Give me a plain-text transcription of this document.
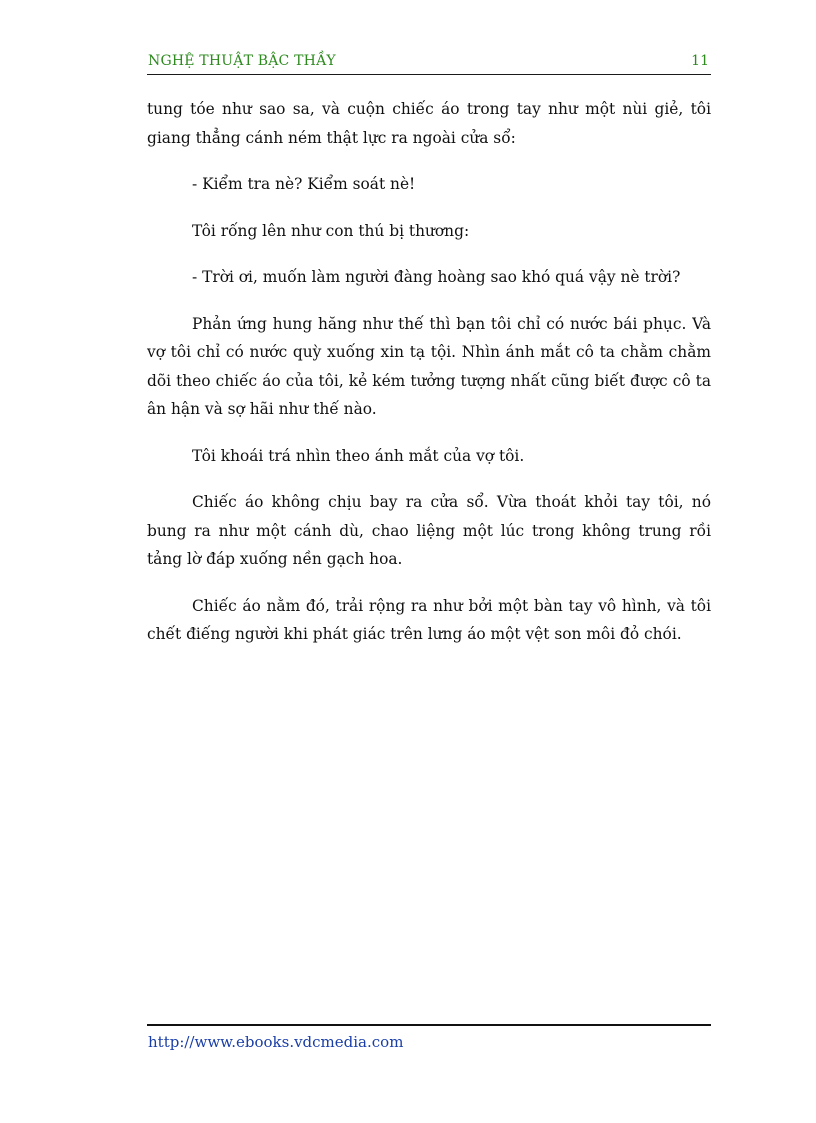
NGHỆ THUẬT BẬC THẦY	11

tung tóe như sao sa, và cuộn chiếc áo trong tay như một nùi giẻ, tôi giang thẳng cánh ném thật lực ra ngoài cửa sổ:

- Kiểm tra nè? Kiểm soát nè!

Tôi rống lên như con thú bị thương:

- Trời ơi, muốn làm người đàng hoàng sao khó quá vậy nè trời?

Phản ứng hung hăng như thế thì bạn tôi chỉ có nước bái phục. Và vợ tôi chỉ có nước quỳ xuống xin tạ tội. Nhìn ánh mắt cô ta chằm chằm dõi theo chiếc áo của tôi, kẻ kém tưởng tượng nhất cũng biết được cô ta ân hận và sợ hãi như thế nào.

Tôi khoái trá nhìn theo ánh mắt của vợ tôi.

Chiếc áo không chịu bay ra cửa sổ. Vừa thoát khỏi tay tôi, nó bung ra như một cánh dù, chao liệng một lúc trong không trung rồi tảng lờ đáp xuống nền gạch hoa.

Chiếc áo nằm đó, trải rộng ra như bởi một bàn tay vô hình, và tôi chết điếng người khi phát giác trên lưng áo một vệt son môi đỏ chói.

http://www.ebooks.vdcmedia.com
